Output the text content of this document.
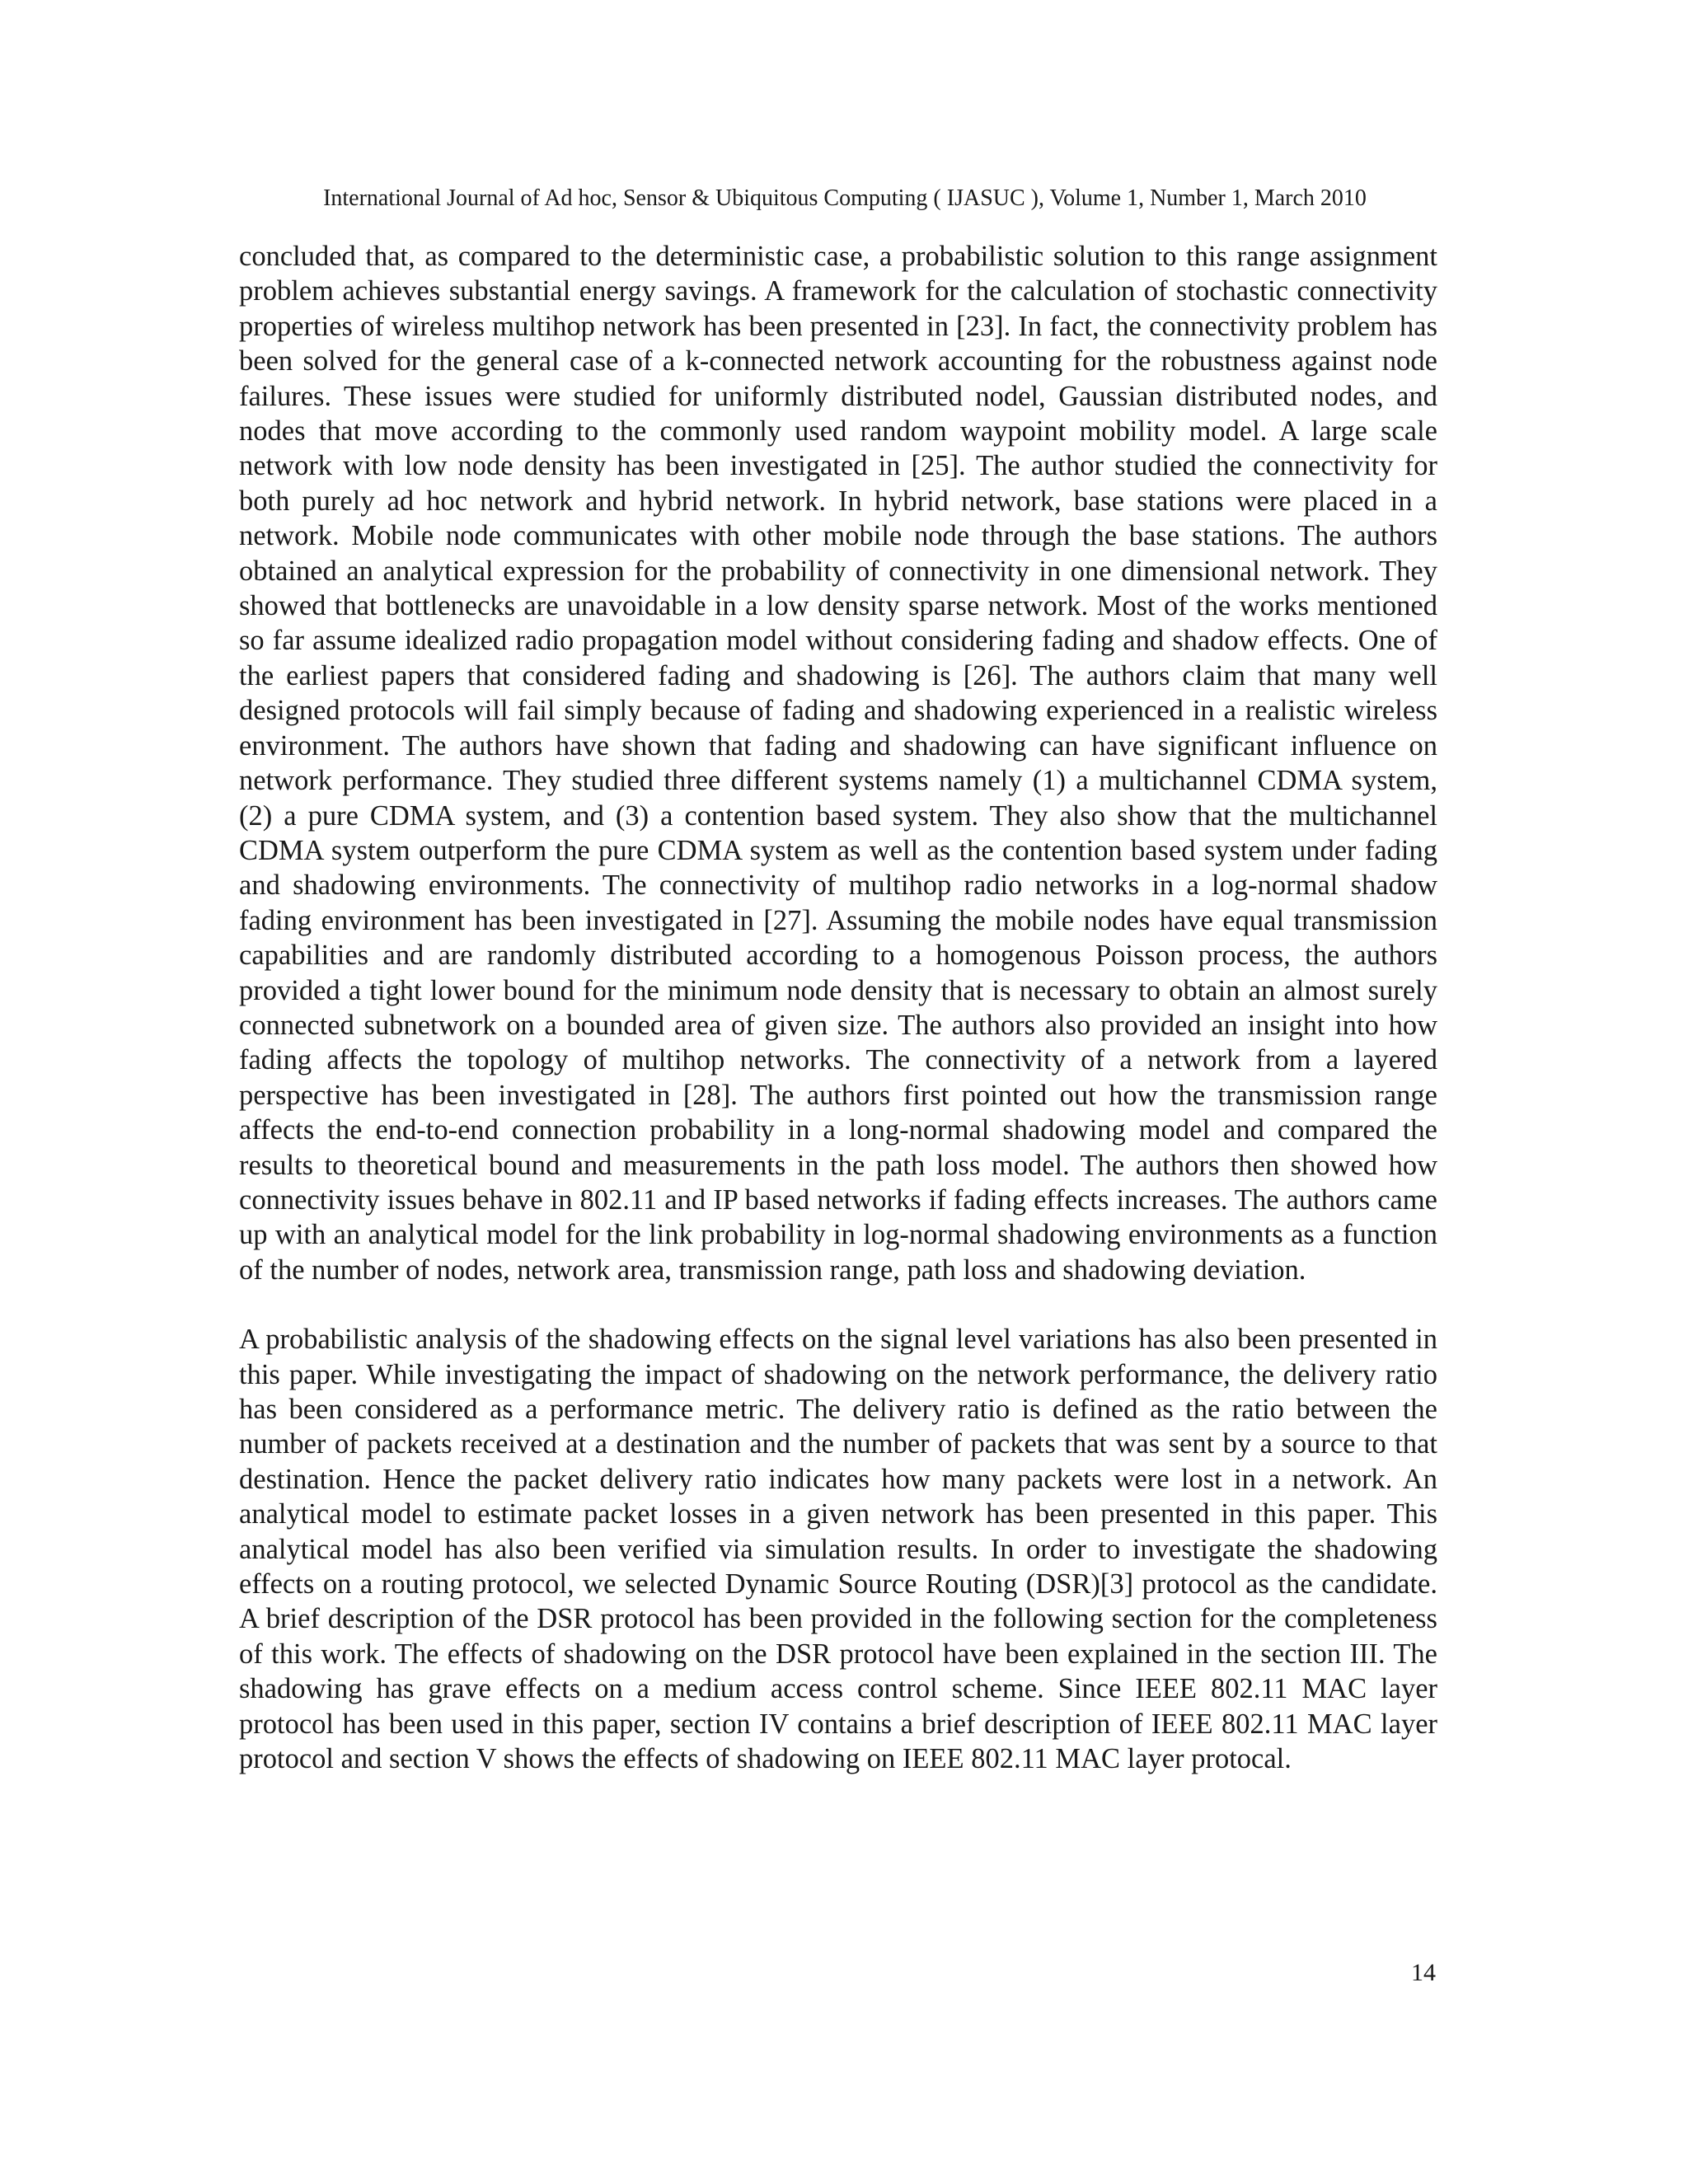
International Journal of Ad hoc, Sensor & Ubiquitous Computing ( IJASUC ), Volume 1, Number 1, March 2010

concluded that, as compared to the deterministic case, a probabilistic solution to this range assignment problem achieves substantial energy savings. A framework for the calculation of stochastic connectivity properties of wireless multihop network has been presented in [23]. In fact, the connectivity problem has been solved for the general case of a k-connected network accounting for the robustness against node failures. These issues were studied for uniformly distributed nodel, Gaussian distributed nodes, and nodes that move according to the commonly used random waypoint mobility model. A large scale network with low node density has been investigated in [25]. The author studied the connectivity for both purely ad hoc network and hybrid network. In hybrid network, base stations were placed in a network. Mobile node communicates with other mobile node through the base stations. The authors obtained an analytical expression for the probability of connectivity in one dimensional network. They showed that bottlenecks are unavoidable in a low density sparse network. Most of the works mentioned so far assume idealized radio propagation model without considering fading and shadow effects. One of the earliest papers that considered fading and shadowing is [26]. The authors claim that many well designed protocols will fail simply because of fading and shadowing experienced in a realistic wireless environment. The authors have shown that fading and shadowing can have significant influence on network performance. They studied three different systems namely (1) a multichannel CDMA system, (2) a pure CDMA system, and (3) a contention based system. They also show that the multichannel CDMA system outperform the pure CDMA system as well as the contention based system under fading and shadowing environments. The connectivity of multihop radio networks in a log-normal shadow fading environment has been investigated in [27]. Assuming the mobile nodes have equal transmission capabilities and are randomly distributed according to a homogenous Poisson process, the authors provided a tight lower bound for the minimum node density that is necessary to obtain an almost surely connected subnetwork on a bounded area of given size. The authors also provided an insight into how fading affects the topology of multihop networks. The connectivity of a network from a layered perspective has been investigated in [28]. The authors first pointed out how the transmission range affects the end-to-end connection probability in a long-normal shadowing model and compared the results to theoretical bound and measurements in the path loss model. The authors then showed how connectivity issues behave in 802.11 and IP based networks if fading effects increases. The authors came up with an analytical model for the link probability in log-normal shadowing environments as a function of the number of nodes, network area, transmission range, path loss and shadowing deviation.

A probabilistic analysis of the shadowing effects on the signal level variations has also been presented in this paper. While investigating the impact of shadowing on the network performance, the delivery ratio has been considered as a performance metric. The delivery ratio is defined as the ratio between the number of packets received at a destination and the number of packets that was sent by a source to that destination. Hence the packet delivery ratio indicates how many packets were lost in a network. An analytical model to estimate packet losses in a given network has been presented in this paper. This analytical model has also been verified via simulation results. In order to investigate the shadowing effects on a routing protocol, we selected Dynamic Source Routing (DSR)[3] protocol as the candidate. A brief description of the DSR protocol has been provided in the following section for the completeness of this work. The effects of shadowing on the DSR protocol have been explained in the section III. The shadowing has grave effects on a medium access control scheme. Since IEEE 802.11 MAC layer protocol has been used in this paper, section IV contains a brief description of IEEE 802.11 MAC layer protocol and section V shows the effects of shadowing on IEEE 802.11 MAC layer protocal.

14
